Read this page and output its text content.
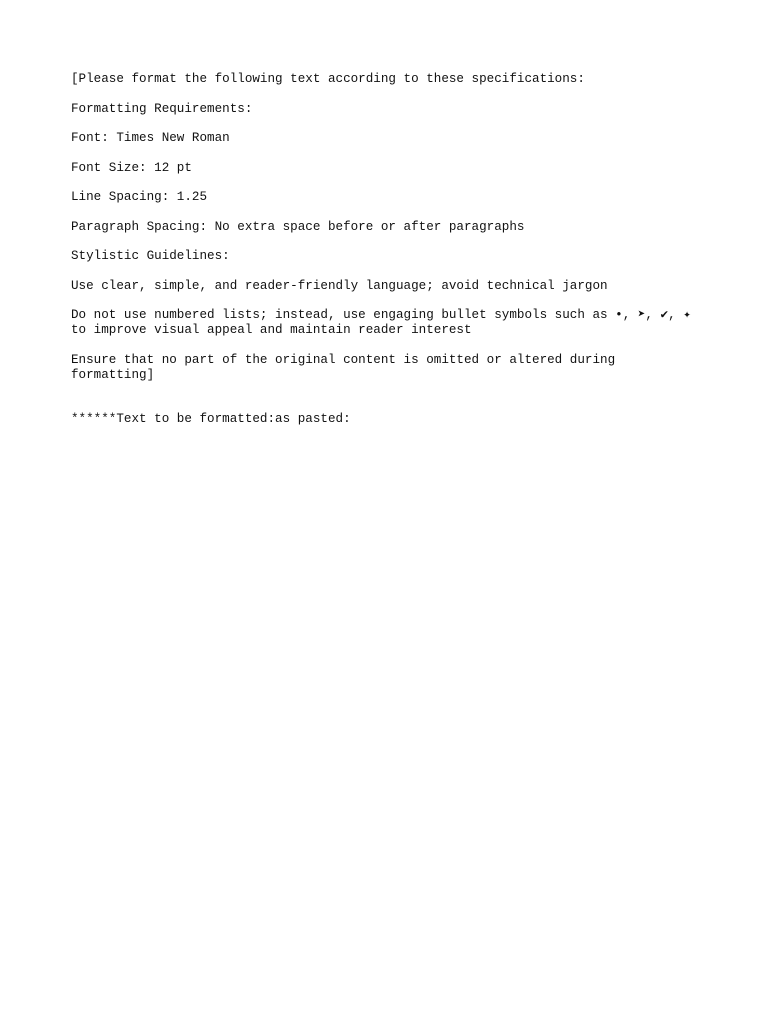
[Please format the following text according to these specifications:

Formatting Requirements:

Font: Times New Roman

Font Size: 12 pt

Line Spacing: 1.25

Paragraph Spacing: No extra space before or after paragraphs

Stylistic Guidelines:

Use clear, simple, and reader-friendly language; avoid technical jargon

Do not use numbered lists; instead, use engaging bullet symbols such as •, ➤, ✔, ✦
to improve visual appeal and maintain reader interest

Ensure that no part of the original content is omitted or altered during
formatting]

******Text to be formatted:as pasted:
